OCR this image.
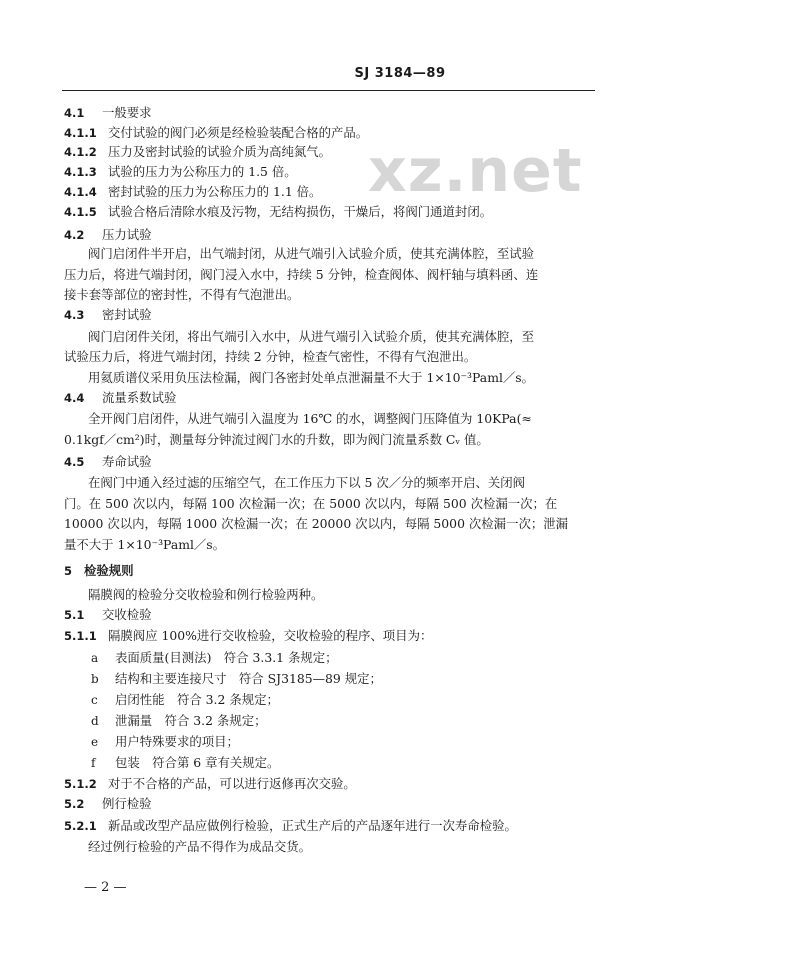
SJ 3184—89
xz.net
4.1 一般要求
4.1.1 交付试验的阀门必须是经检验装配合格的产品。
4.1.2 压力及密封试验的试验介质为高纯氮气。
4.1.3 试验的压力为公称压力的 1.5 倍。
4.1.4 密封试验的压力为公称压力的 1.1 倍。
4.1.5 试验合格后清除水痕及污物，无结构损伤，干燥后，将阀门通道封闭。
4.2 压力试验
阀门启闭件半开启，出气端封闭，从进气端引入试验介质，使其充满体腔，至试验
压力后，将进气端封闭，阀门浸入水中，持续 5 分钟，检查阀体、阀杆轴与填料函、连
接卡套等部位的密封性，不得有气泡泄出。
4.3 密封试验
阀门启闭件关闭，将出气端引入水中，从进气端引入试验介质，使其充满体腔，至
试验压力后，将进气端封闭，持续 2 分钟，检查气密性，不得有气泡泄出。
用氦质谱仪采用负压法检漏，阀门各密封处单点泄漏量不大于 1×10⁻³Paml／s。
4.4 流量系数试验
全开阀门启闭件，从进气端引入温度为 16℃ 的水，调整阀门压降值为 10KPa(≈
0.1kgf／cm²)时，测量每分钟流过阀门水的升数，即为阀门流量系数 Cᵥ 值。
4.5 寿命试验
在阀门中通入经过滤的压缩空气，在工作压力下以 5 次／分的频率开启、关闭阀
门。在 500 次以内，每隔 100 次检漏一次；在 5000 次以内，每隔 500 次检漏一次；在
10000 次以内，每隔 1000 次检漏一次；在 20000 次以内，每隔 5000 次检漏一次；泄漏
量不大于 1×10⁻³Paml／s。
5 检验规则
隔膜阀的检验分交收检验和例行检验两种。
5.1 交收检验
5.1.1 隔膜阀应 100%进行交收检验，交收检验的程序、项目为：
a 表面质量(目测法)　符合 3.3.1 条规定；
b 结构和主要连接尺寸　符合 SJ3185—89 规定；
c 启闭性能　符合 3.2 条规定；
d 泄漏量　符合 3.2 条规定；
e 用户特殊要求的项目；
f 包装　符合第 6 章有关规定。
5.1.2 对于不合格的产品，可以进行返修再次交验。
5.2 例行检验
5.2.1 新品或改型产品应做例行检验，正式生产后的产品逐年进行一次寿命检验。
经过例行检验的产品不得作为成品交货。
— 2 —
